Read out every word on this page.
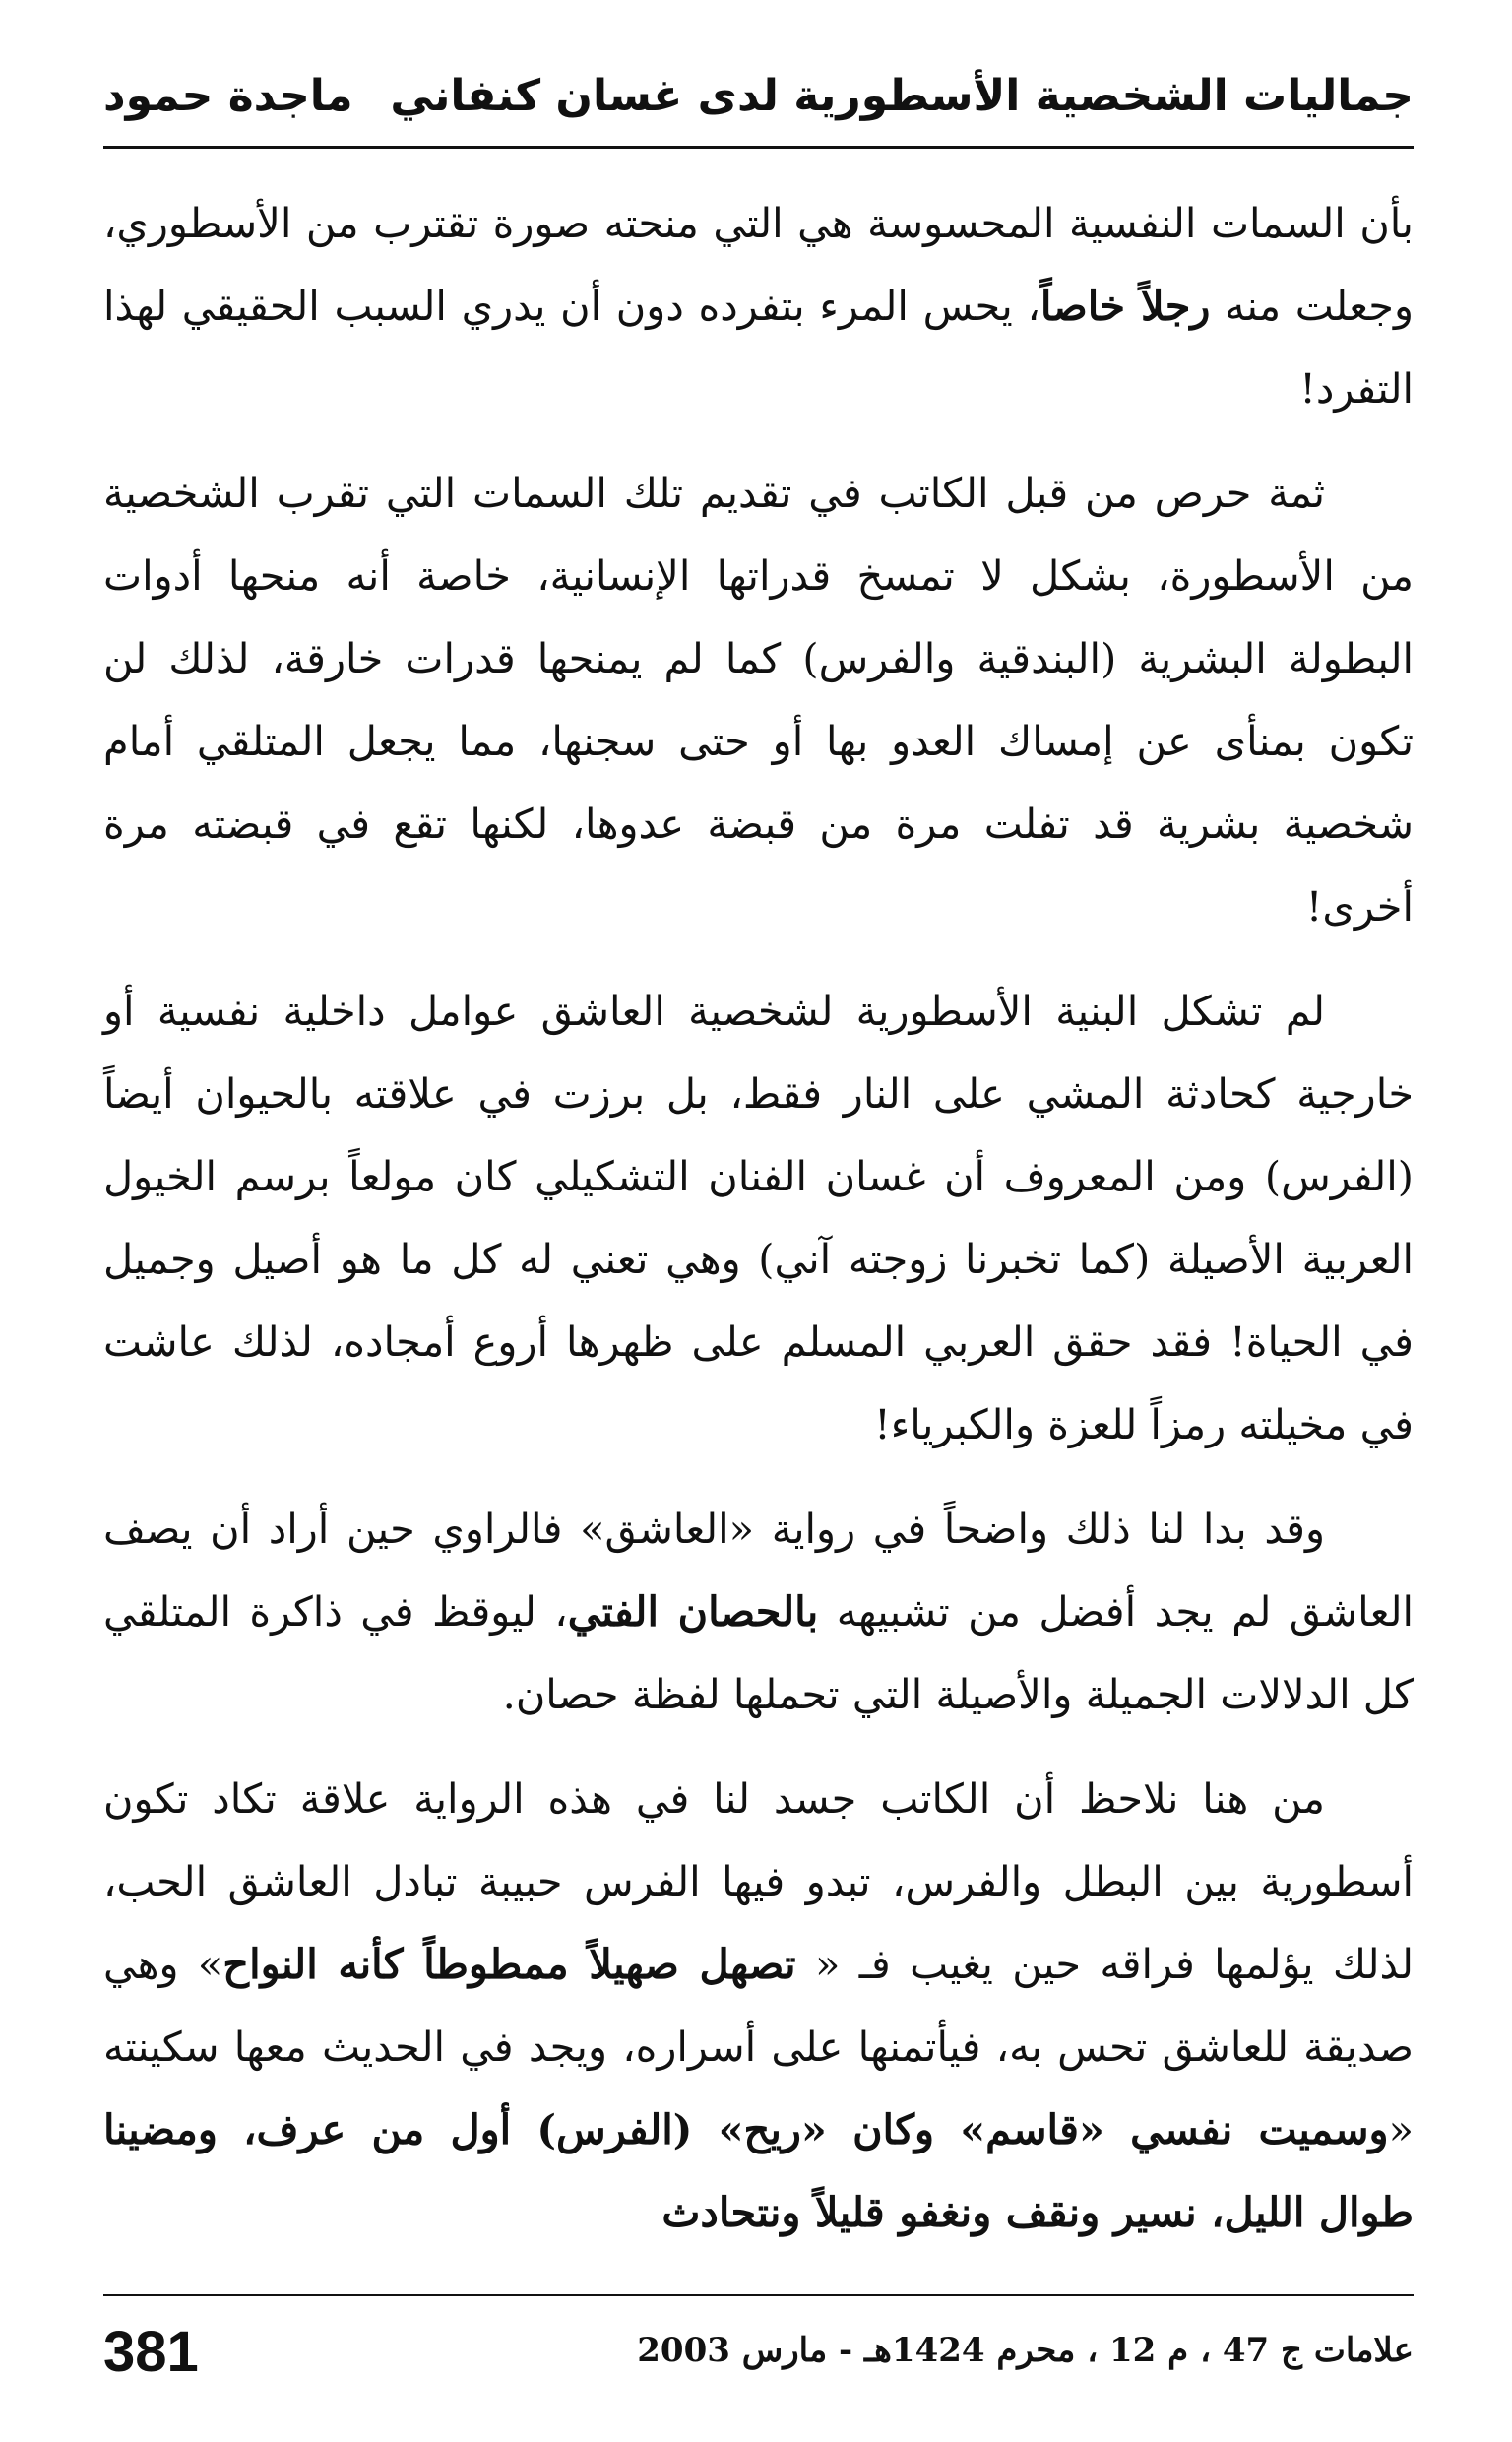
جماليات الشخصية الأسطورية لدى غسان كنفاني
ماجدة حمود

بأن السمات النفسية المحسوسة هي التي منحته صورة تقترب من الأسطوري، وجعلت منه رجلاً خاصاً، يحس المرء بتفرده دون أن يدري السبب الحقيقي لهذا التفرد!

ثمة حرص من قبل الكاتب في تقديم تلك السمات التي تقرب الشخصية من الأسطورة، بشكل لا تمسخ قدراتها الإنسانية، خاصة أنه منحها أدوات البطولة البشرية (البندقية والفرس) كما لم يمنحها قدرات خارقة، لذلك لن تكون بمنأى عن إمساك العدو بها أو حتى سجنها، مما يجعل المتلقي أمام شخصية بشرية قد تفلت مرة من قبضة عدوها، لكنها تقع في قبضته مرة أخرى!

لم تشكل البنية الأسطورية لشخصية العاشق عوامل داخلية نفسية أو خارجية كحادثة المشي على النار فقط، بل برزت في علاقته بالحيوان أيضاً (الفرس) ومن المعروف أن غسان الفنان التشكيلي كان مولعاً برسم الخيول العربية الأصيلة (كما تخبرنا زوجته آني) وهي تعني له كل ما هو أصيل وجميل في الحياة! فقد حقق العربي المسلم على ظهرها أروع أمجاده، لذلك عاشت في مخيلته رمزاً للعزة والكبرياء!

وقد بدا لنا ذلك واضحاً في رواية «العاشق» فالراوي حين أراد أن يصف العاشق لم يجد أفضل من تشبيهه بالحصان الفتي، ليوقظ في ذاكرة المتلقي كل الدلالات الجميلة والأصيلة التي تحملها لفظة حصان.

من هنا نلاحظ أن الكاتب جسد لنا في هذه الرواية علاقة تكاد تكون أسطورية بين البطل والفرس، تبدو فيها الفرس حبيبة تبادل العاشق الحب، لذلك يؤلمها فراقه حين يغيب فـ « تصهل صهيلاً ممطوطاً كأنه النواح» وهي صديقة للعاشق تحس به، فيأتمنها على أسراره، ويجد في الحديث معها سكينته «وسميت نفسي «قاسم» وكان «ريح» (الفرس) أول من عرف، ومضينا طوال الليل، نسير ونقف ونغفو قليلاً ونتحادث

علامات ج 47 ، م 12 ، محرم 1424هـ - مارس 2003
381
